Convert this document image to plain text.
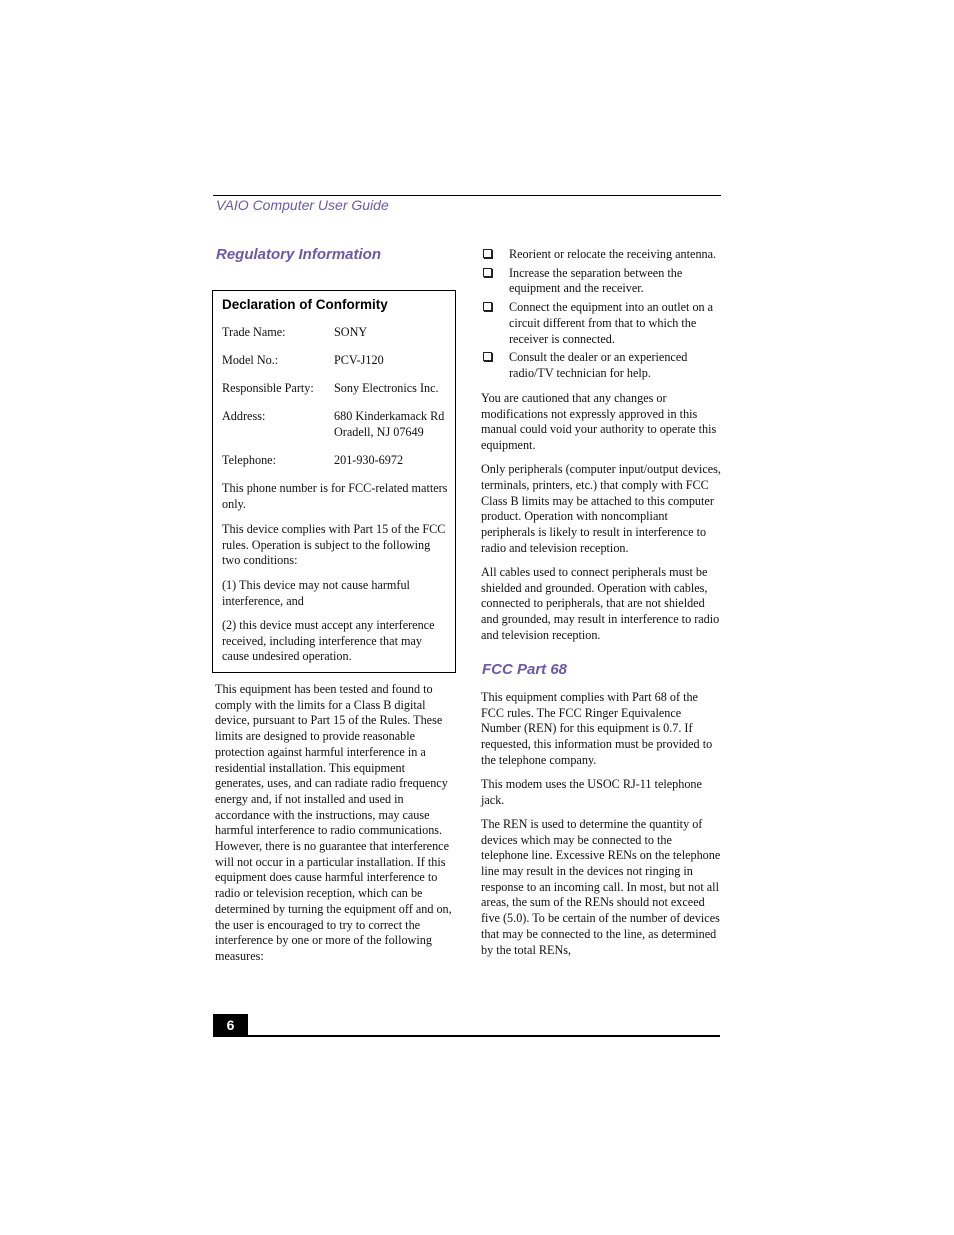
VAIO Computer User Guide
Regulatory Information
Declaration of Conformity
Trade Name:	SONY
Model No.:	PCV-J120
Responsible Party:	Sony Electronics Inc.
Address:	680 Kinderkamack Rd
Oradell, NJ 07649
Telephone:	201-930-6972

This phone number is for FCC-related matters only.

This device complies with Part 15 of the FCC rules. Operation is subject to the following two conditions:

(1) This device may not cause harmful interference, and

(2) this device must accept any interference received, including interference that may cause undesired operation.

This equipment has been tested and found to comply with the limits for a Class B digital device, pursuant to Part 15 of the Rules. These limits are designed to provide reasonable protection against harmful interference in a residential installation. This equipment generates, uses, and can radiate radio frequency energy and, if not installed and used in accordance with the instructions, may cause harmful interference to radio communications. However, there is no guarantee that interference will not occur in a particular installation. If this equipment does cause harmful interference to radio or television reception, which can be determined by turning the equipment off and on, the user is encouraged to try to correct the interference by one or more of the following measures:

Reorient or relocate the receiving antenna.
Increase the separation between the equipment and the receiver.
Connect the equipment into an outlet on a circuit different from that to which the receiver is connected.
Consult the dealer or an experienced radio/TV technician for help.

You are cautioned that any changes or modifications not expressly approved in this manual could void your authority to operate this equipment.

Only peripherals (computer input/output devices, terminals, printers, etc.) that comply with FCC Class B limits may be attached to this computer product. Operation with noncompliant peripherals is likely to result in interference to radio and television reception.

All cables used to connect peripherals must be shielded and grounded. Operation with cables, connected to peripherals, that are not shielded and grounded, may result in interference to radio and television reception.

FCC Part 68

This equipment complies with Part 68 of the FCC rules. The FCC Ringer Equivalence Number (REN) for this equipment is 0.7. If requested, this information must be provided to the telephone company.

This modem uses the USOC RJ-11 telephone jack.

The REN is used to determine the quantity of devices which may be connected to the telephone line. Excessive RENs on the telephone line may result in the devices not ringing in response to an incoming call. In most, but not all areas, the sum of the RENs should not exceed five (5.0). To be certain of the number of devices that may be connected to the line, as determined by the total RENs,

6
